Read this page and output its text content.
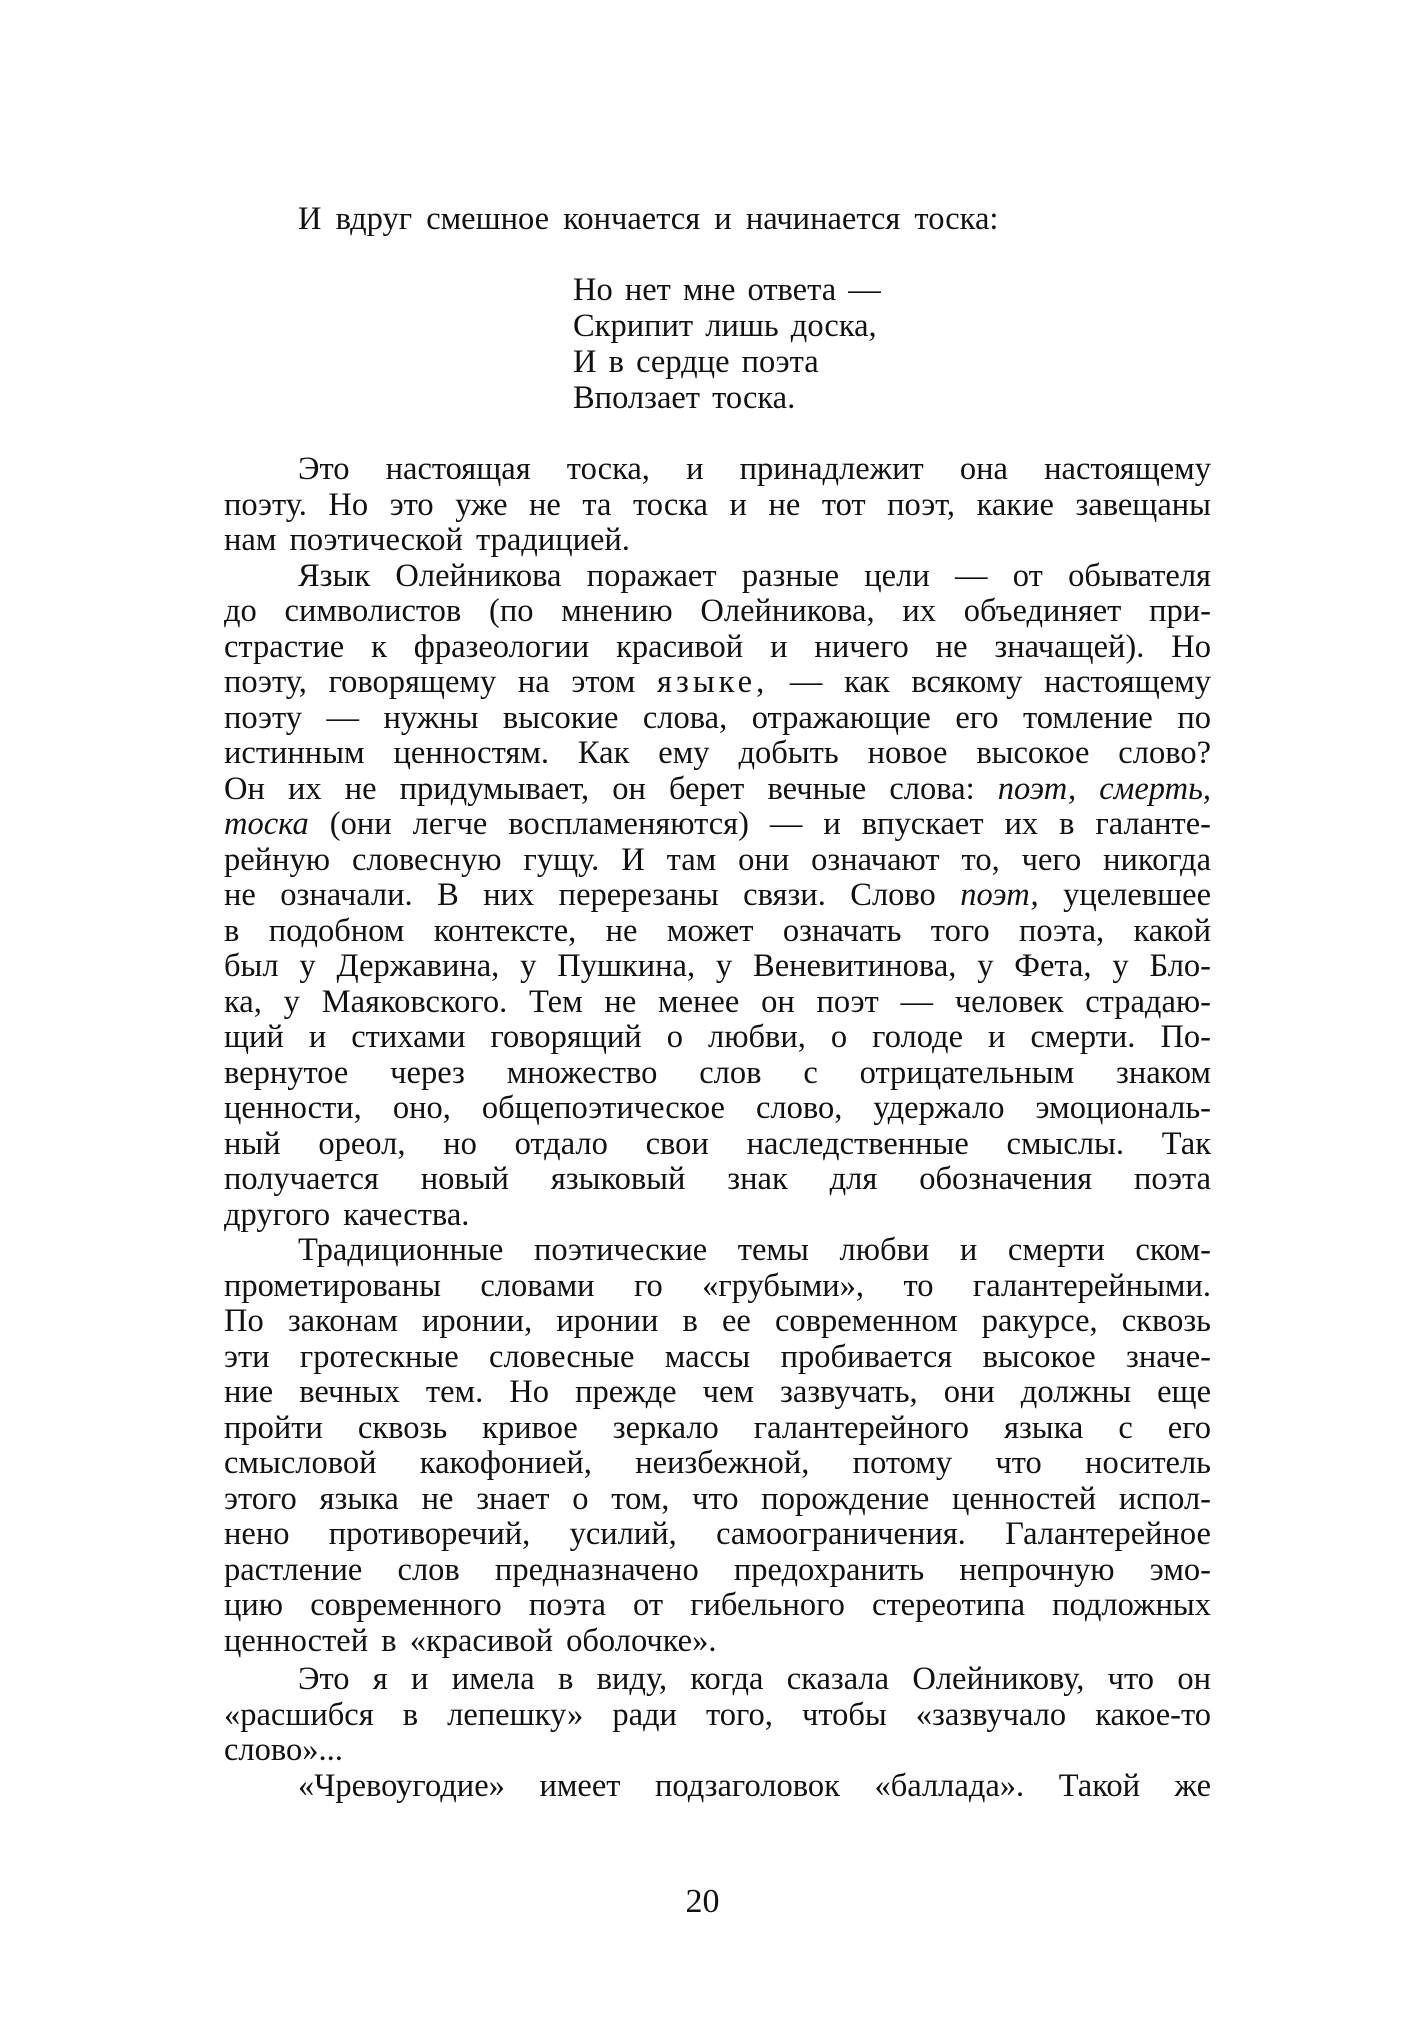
И вдруг смешное кончается и начинается тоска:
Но нет мне ответа —
Скрипит лишь доска,
И в сердце поэта
Вползает тоска.
Это настоящая тоска, и принадлежит она настоящему
поэту. Но это уже не та тоска и не тот поэт, какие завещаны
нам поэтической традицией.
Язык Олейникова поражает разные цели — от обывателя
до символистов (по мнению Олейникова, их объединяет при-
страстие к фразеологии красивой и ничего не значащей). Но
поэту, говорящему на этом языке, — как всякому настоящему
поэту — нужны высокие слова, отражающие его томление по
истинным ценностям. Как ему добыть новое высокое слово?
Он их не придумывает, он берет вечные слова: поэт, смерть,
тоска (они легче воспламеняются) — и впускает их в галанте-
рейную словесную гущу. И там они означают то, чего никогда
не означали. В них перерезаны связи. Слово поэт, уцелевшее
в подобном контексте, не может означать того поэта, какой
был у Державина, у Пушкина, у Веневитинова, у Фета, у Бло-
ка, у Маяковского. Тем не менее он поэт — человек страдаю-
щий и стихами говорящий о любви, о голоде и смерти. По-
вернутое через множество слов с отрицательным знаком
ценности, оно, общепоэтическое слово, удержало эмоциональ-
ный ореол, но отдало свои наследственные смыслы. Так
получается новый языковый знак для обозначения поэта
другого качества.
Традиционные поэтические темы любви и смерти ском-
прометированы словами го «грубыми», то галантерейными.
По законам иронии, иронии в ее современном ракурсе, сквозь
эти гротескные словесные массы пробивается высокое значе-
ние вечных тем. Но прежде чем зазвучать, они должны еще
пройти сквозь кривое зеркало галантерейного языка с его
смысловой какофонией, неизбежной, потому что носитель
этого языка не знает о том, что порождение ценностей испол-
нено противоречий, усилий, самоограничения. Галантерейное
растление слов предназначено предохранить непрочную эмо-
цию современного поэта от гибельного стереотипа подложных
ценностей в «красивой оболочке».
Это я и имела в виду, когда сказала Олейникову, что он
«расшибся в лепешку» ради того, чтобы «зазвучало какое-то
слово»...
«Чревоугодие» имеет подзаголовок «баллада». Такой же
20
